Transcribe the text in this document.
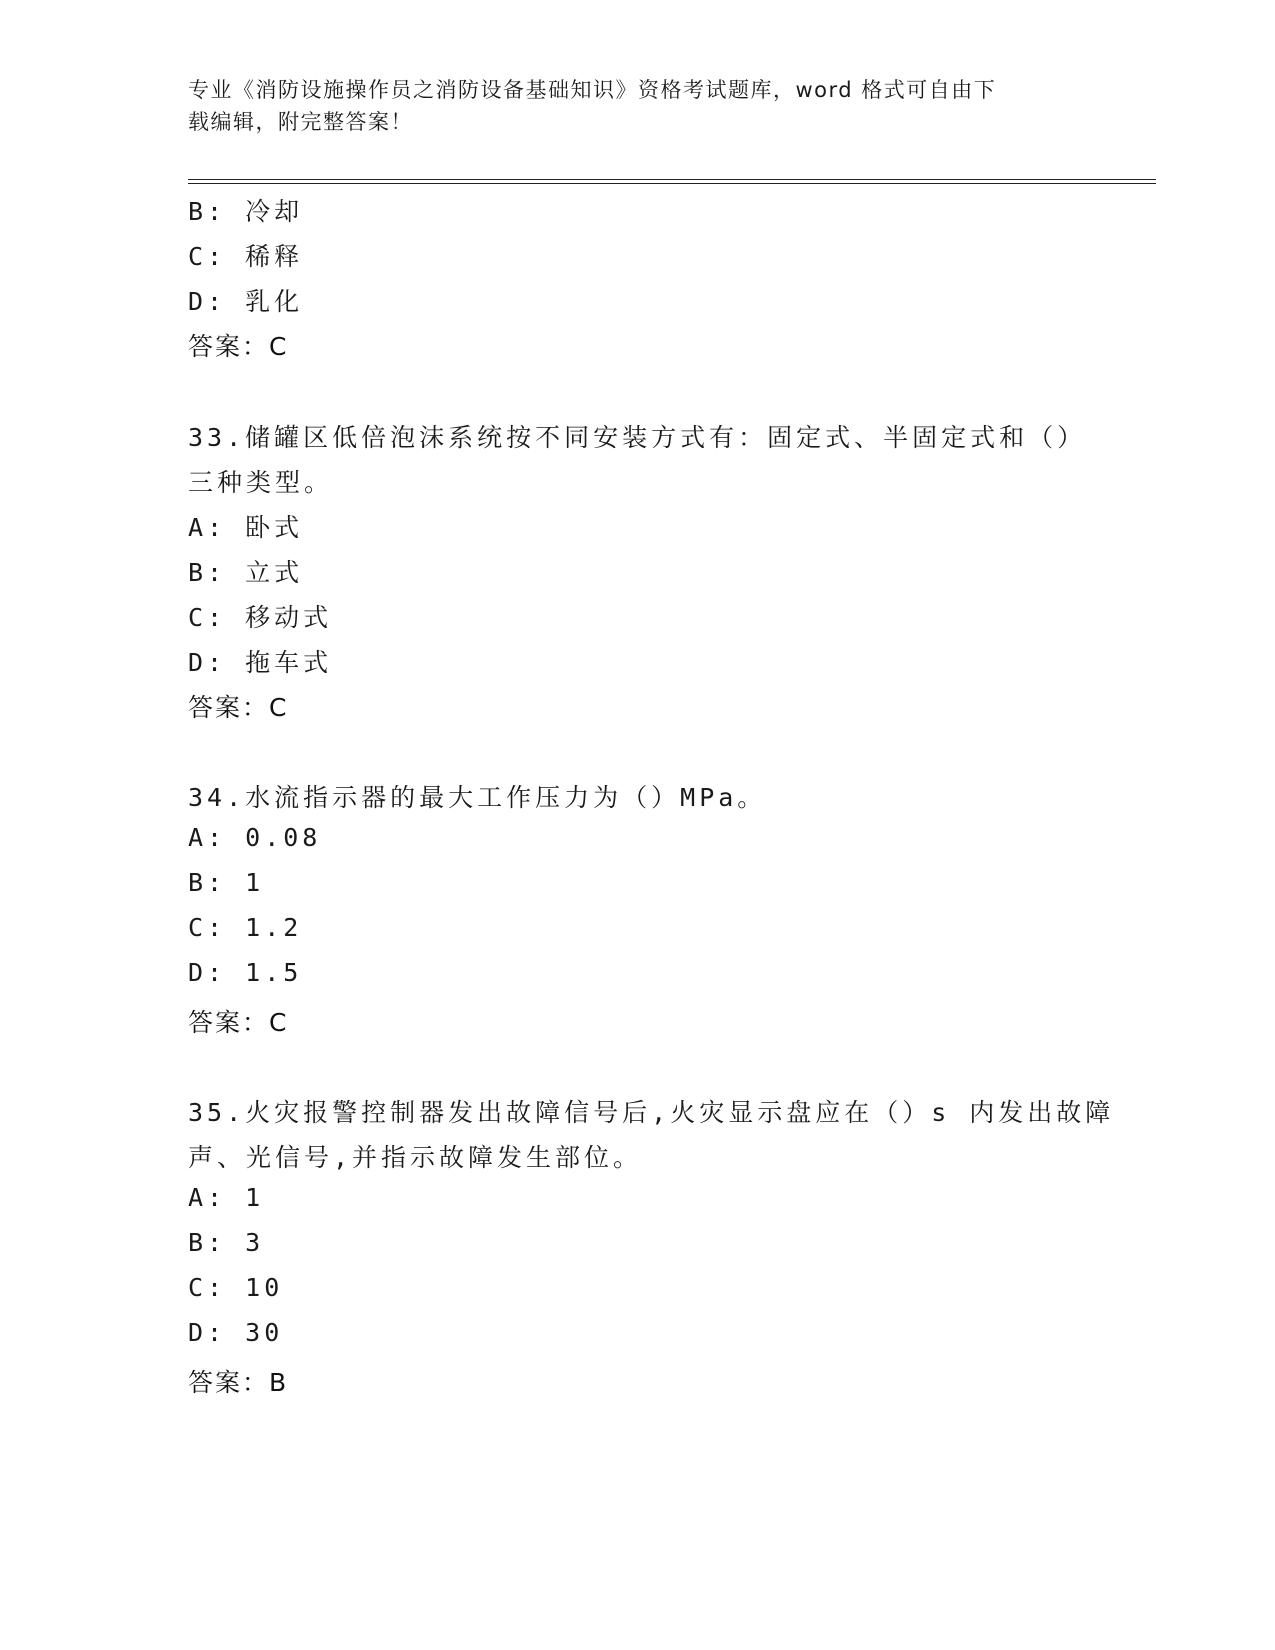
专业《消防设施操作员之消防设备基础知识》资格考试题库，word 格式可自由下
载编辑，附完整答案！
B: 冷却
C: 稀释
D: 乳化
答案：C
33.储罐区低倍泡沫系统按不同安装方式有：固定式、半固定式和（）
三种类型。
A: 卧式
B: 立式
C: 移动式
D: 拖车式
答案：C
34.水流指示器的最大工作压力为（）MPa。
A: 0.08
B: 1
C: 1.2
D: 1.5
答案：C
35.火灾报警控制器发出故障信号后,火灾显示盘应在（）s 内发出故障
声、光信号,并指示故障发生部位。
A: 1
B: 3
C: 10
D: 30
答案：B
